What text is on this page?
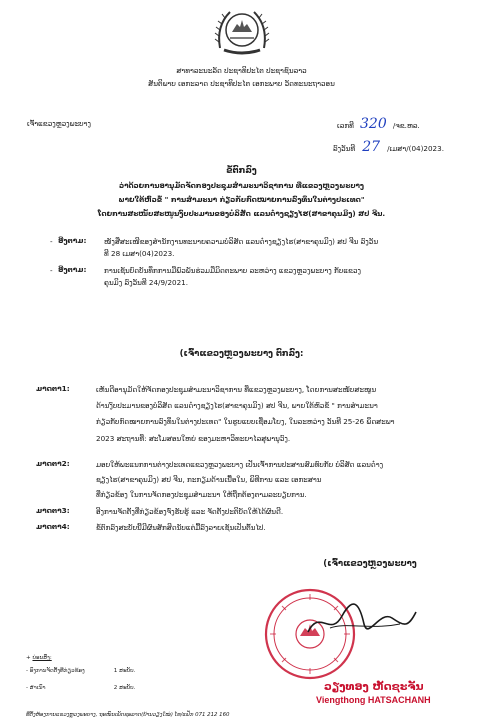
ສາທາລະນະລັດ ປະຊາທິປະໄຕ ປະຊາຊົນລາວ
ສັນຕິພາບ ເອກະລາດ ປະຊາທິປະໄຕ ເອກະພາບ ວັດທະນະຖາວອນ
ເຈົ້າແຂວງຫຼວງພະບາງ	ເລກທີ 320 /ຈຂ.ຫລ.
ລົງວັນທີ 27 /ເມສາ/(04)2023.
ຂໍ້ຕົກລົງ
ວ່າດ້ວຍການອານຸມັດຈັດກອງປະຊຸມສຳມະນາວິຊາການ ທີ່ແຂວງຫຼວງພະບາງ
ພາຍໃຕ້ຫົວຂໍ້ " ການສຳມະນາ ກ່ຽວກັບກົດໝາຍການລົງທຶນໃນຕ່າງປະເທດ"
ໂດຍການສະໜັບສະໜູນງົບປະມານຂອງບໍລິສັດ ແລນດ໋າງຊຽງໄຮ(ສາຂາຄຸນມິງ) ສປ ຈີນ.
- ອີງຕາມ: ໜັງສືສະເໜີຂອງສຳນັກງານທະນາຍຄວາມບໍລິສັດ ແລນດ໋າງຊຽງໄຮ(ສາຂາຄຸນມິງ) ສປ ຈີນ ລົງວັນ
ທີ 28 ເມສາ(04)2023.
- ອີງຕາມ: ການເຊັນບົດບັນທຶກການມືພົວພັນຮ່ວມມືມິດຕະພາບ ລະຫວ່າງ ແຂວງຫຼວງພະບາງ ກັບແຂວງ
ຄຸນມິງ ລົງວັນທີ 24/9/2021.
(ເຈົ້າແຂວງຫຼວງພະບາງ ຕົກລົງ:
ມາດຕາ1:	ເຫັນດີອານຸມັດໃຫ້ຈັດກອງປະຊຸມສຳມະນາວິຊາການ ທີ່ແຂວງຫຼວງພະບາງ, ໂດຍການສະໜັບສະໜູນ
ດ້ານງົບປະມານຂອງບໍລິສັດ ແລນດ໋າງຊຽງໄຮ(ສາຂາຄຸນມິງ) ສປ ຈີນ, ພາຍໃຕ້ຫົວຂໍ້ " ການສຳມະນາ
ກ່ຽວກັບກົດໝາຍການລົງທຶນໃນຕ່າງປະເທດ" ໃນຮູບແບບເຊື່ອມໂຍງ, ໃນລະຫວ່າງ ວັນທີ 25-26 ພຶດສະພາ
2023 ສະຖານທີ່: ສະໂມສອນໃຫຍ່ ຂອງມະຫາວິທະຍາໄລສຸພານຸວົງ.
ມາດຕາ2:	ມອບໃຫ້ພະແນກການຕ່າງປະເທດແຂວງຫຼວງພະບາງ ເປັນເຈົ້າການປະສານສົມທົບກັບ ບໍລິສັດ ແລນດ໋າງ
ຊຽງໄຮ(ສາຂາຄຸນມິງ) ສປ ຈີນ, ກະກຽມດ້ານເນື້ອໃນ, ພິທີການ ແລະ ເອກະສານ
ທີ່ກ່ຽວຂ້ອງ ໃນການຈັດກອງປະຊຸມສຳມະນາ ໃຫ້ຖືກຕ້ອງຕາມລະບຽບການ.
ມາດຕາ3:	ອີງການຈັດຕັ້ງທີ່ກ່ຽວຂ້ອງຈົ່ງຮັບຮູ້ ແລະ ຈັດຕັ້ງປະຕິບັດໃຫ້ໄດ້ຜົນດີ.
ມາດຕາ4:	ຂໍ້ຕົກລົງສະບັບນີ້ມີຜົນສັກສິດນັບແຕ່ມື້ລົງລາຍເຊັນເປັນຕົ້ນໄປ.
(ເຈົ້າແຂວງຫຼວງພະບາງ
ວຽງທອງ ຫັດຊະຈັນ
Viengthong HATSACHANH
+ ບ່ອນສົ່ງ:
- ອົງການຈັດຕັ້ງທີ່ກ່ຽວຂ້ອງ	1 ສະບັບ.
- ສຳເນົາ	2 ສະບັບ.
ທີ່ຕັ້ງຫ້ອງການແຂວງຫຼວງພະບາງ, ຖະໜົນເພັດຊະລາດ(ບ້ານວຽງໃໝ່) ໂທ/ແຟັກ 071 212 160
